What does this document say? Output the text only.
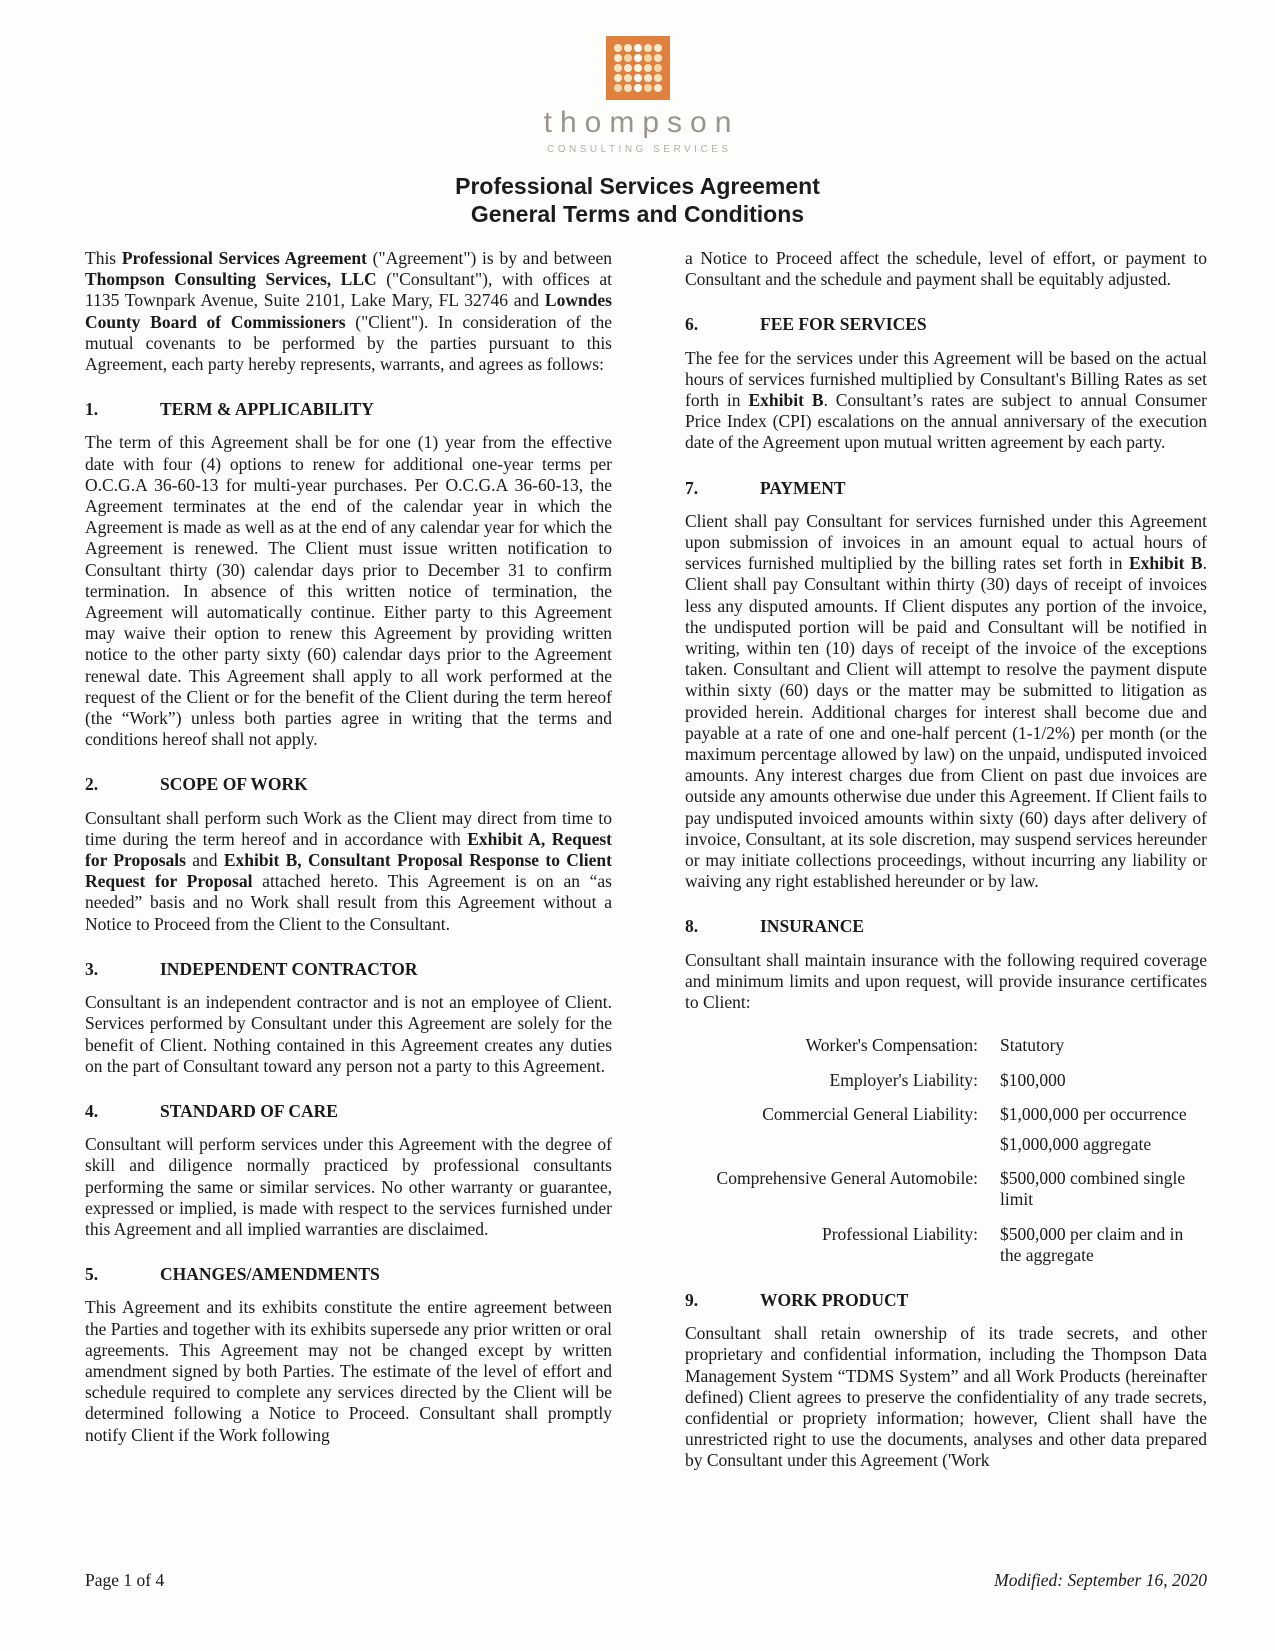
thompson
CONSULTING SERVICES
Professional Services Agreement
General Terms and Conditions

This Professional Services Agreement ("Agreement") is by and between Thompson Consulting Services, LLC ("Consultant"), with offices at 1135 Townpark Avenue, Suite 2101, Lake Mary, FL 32746 and Lowndes County Board of Commissioners ("Client"). In consideration of the mutual covenants to be performed by the parties pursuant to this Agreement, each party hereby represents, warrants, and agrees as follows:

1.	TERM & APPLICABILITY

The term of this Agreement shall be for one (1) year from the effective date with four (4) options to renew for additional one-year terms per O.C.G.A 36-60-13 for multi-year purchases. Per O.C.G.A 36-60-13, the Agreement terminates at the end of the calendar year in which the Agreement is made as well as at the end of any calendar year for which the Agreement is renewed. The Client must issue written notification to Consultant thirty (30) calendar days prior to December 31 to confirm termination. In absence of this written notice of termination, the Agreement will automatically continue. Either party to this Agreement may waive their option to renew this Agreement by providing written notice to the other party sixty (60) calendar days prior to the Agreement renewal date. This Agreement shall apply to all work performed at the request of the Client or for the benefit of the Client during the term hereof (the “Work”) unless both parties agree in writing that the terms and conditions hereof shall not apply.

2.	SCOPE OF WORK

Consultant shall perform such Work as the Client may direct from time to time during the term hereof and in accordance with Exhibit A, Request for Proposals and Exhibit B, Consultant Proposal Response to Client Request for Proposal attached hereto. This Agreement is on an “as needed” basis and no Work shall result from this Agreement without a Notice to Proceed from the Client to the Consultant.

3.	INDEPENDENT CONTRACTOR

Consultant is an independent contractor and is not an employee of Client. Services performed by Consultant under this Agreement are solely for the benefit of Client. Nothing contained in this Agreement creates any duties on the part of Consultant toward any person not a party to this Agreement.

4.	STANDARD OF CARE

Consultant will perform services under this Agreement with the degree of skill and diligence normally practiced by professional consultants performing the same or similar services. No other warranty or guarantee, expressed or implied, is made with respect to the services furnished under this Agreement and all implied warranties are disclaimed.

5.	CHANGES/AMENDMENTS

This Agreement and its exhibits constitute the entire agreement between the Parties and together with its exhibits supersede any prior written or oral agreements. This Agreement may not be changed except by written amendment signed by both Parties. The estimate of the level of effort and schedule required to complete any services directed by the Client will be determined following a Notice to Proceed. Consultant shall promptly notify Client if the Work following

a Notice to Proceed affect the schedule, level of effort, or payment to Consultant and the schedule and payment shall be equitably adjusted.

6.	FEE FOR SERVICES

The fee for the services under this Agreement will be based on the actual hours of services furnished multiplied by Consultant's Billing Rates as set forth in Exhibit B. Consultant’s rates are subject to annual Consumer Price Index (CPI) escalations on the annual anniversary of the execution date of the Agreement upon mutual written agreement by each party.

7.	PAYMENT

Client shall pay Consultant for services furnished under this Agreement upon submission of invoices in an amount equal to actual hours of services furnished multiplied by the billing rates set forth in Exhibit B. Client shall pay Consultant within thirty (30) days of receipt of invoices less any disputed amounts. If Client disputes any portion of the invoice, the undisputed portion will be paid and Consultant will be notified in writing, within ten (10) days of receipt of the invoice of the exceptions taken. Consultant and Client will attempt to resolve the payment dispute within sixty (60) days or the matter may be submitted to litigation as provided herein. Additional charges for interest shall become due and payable at a rate of one and one-half percent (1-1/2%) per month (or the maximum percentage allowed by law) on the unpaid, undisputed invoiced amounts. Any interest charges due from Client on past due invoices are outside any amounts otherwise due under this Agreement. If Client fails to pay undisputed invoiced amounts within sixty (60) days after delivery of invoice, Consultant, at its sole discretion, may suspend services hereunder or may initiate collections proceedings, without incurring any liability or waiving any right established hereunder or by law.

8.	INSURANCE

Consultant shall maintain insurance with the following required coverage and minimum limits and upon request, will provide insurance certificates to Client:

Worker's Compensation: Statutory
Employer's Liability: $100,000
Commercial General Liability: $1,000,000 per occurrence
$1,000,000 aggregate
Comprehensive General Automobile: $500,000 combined single limit
Professional Liability: $500,000 per claim and in the aggregate
9.	WORK PRODUCT

Consultant shall retain ownership of its trade secrets, and other proprietary and confidential information, including the Thompson Data Management System “TDMS System” and all Work Products (hereinafter defined) Client agrees to preserve the confidentiality of any trade secrets, confidential or propriety information; however, Client shall have the unrestricted right to use the documents, analyses and other data prepared by Consultant under this Agreement ('Work

Page 1 of 4	Modified: September 16, 2020
